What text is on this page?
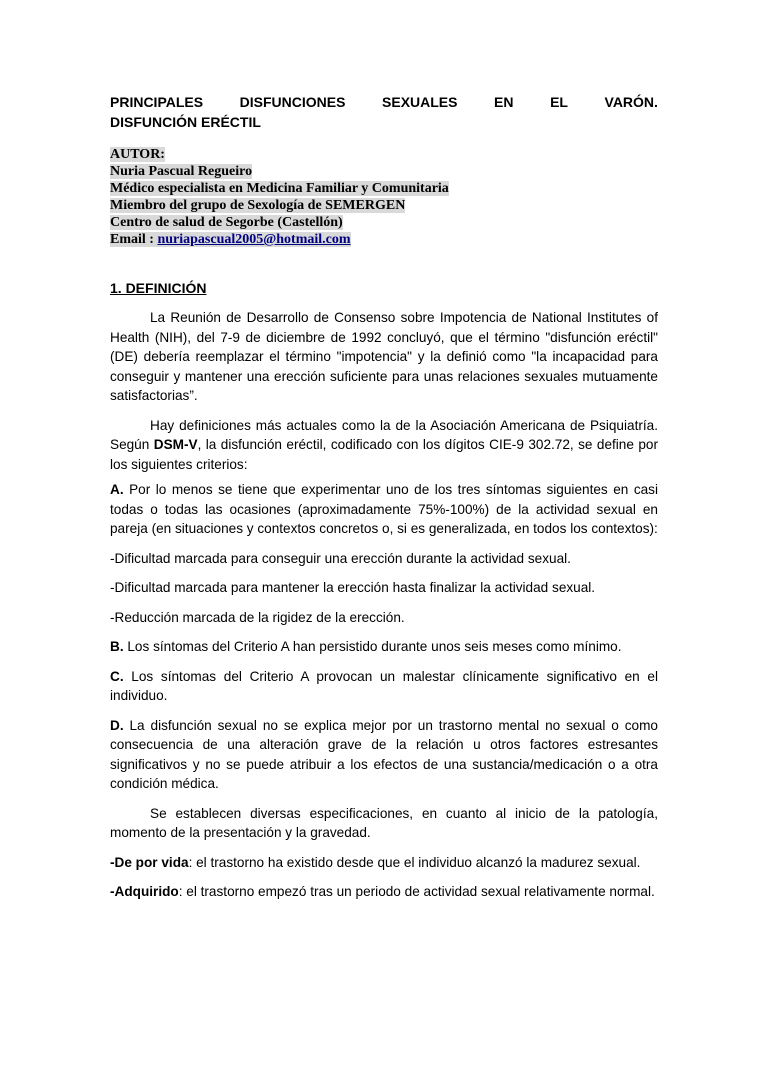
PRINCIPALES	DISFUNCIONES	SEXUALES	EN	EL	VARÓN.
DISFUNCIÓN ERÉCTIL
AUTOR:
Nuria Pascual Regueiro
Médico especialista en Medicina Familiar y Comunitaria
Miembro del grupo de Sexología de SEMERGEN
Centro de salud de Segorbe (Castellón)
Email : nuriapascual2005@hotmail.com
1. DEFINICIÓN

La Reunión de Desarrollo de Consenso sobre Impotencia de National Institutes of Health (NIH), del 7-9 de diciembre de 1992 concluyó, que el término "disfunción eréctil" (DE) debería reemplazar el término "impotencia" y la definió como "la incapacidad para conseguir y mantener una erección suficiente para unas relaciones sexuales mutuamente satisfactorias”.

Hay definiciones más actuales como la de la Asociación Americana de Psiquiatría. Según DSM-V, la disfunción eréctil, codificado con los dígitos CIE-9 302.72, se define por los siguientes criterios:

A. Por lo menos se tiene que experimentar uno de los tres síntomas siguientes en casi todas o todas las ocasiones (aproximadamente 75%-100%) de la actividad sexual en pareja (en situaciones y contextos concretos o, si es generalizada, en todos los contextos):

-Dificultad marcada para conseguir una erección durante la actividad sexual.

-Dificultad marcada para mantener la erección hasta finalizar la actividad sexual.

-Reducción marcada de la rigidez de la erección.

B. Los síntomas del Criterio A han persistido durante unos seis meses como mínimo.

C. Los síntomas del Criterio A provocan un malestar clínicamente significativo en el individuo.

D. La disfunción sexual no se explica mejor por un trastorno mental no sexual o como consecuencia de una alteración grave de la relación u otros factores estresantes significativos y no se puede atribuir a los efectos de una sustancia/medicación o a otra condición médica.

Se establecen diversas especificaciones, en cuanto al inicio de la patología, momento de la presentación y la gravedad.

-De por vida: el trastorno ha existido desde que el individuo alcanzó la madurez sexual.

-Adquirido: el trastorno empezó tras un periodo de actividad sexual relativamente normal.
